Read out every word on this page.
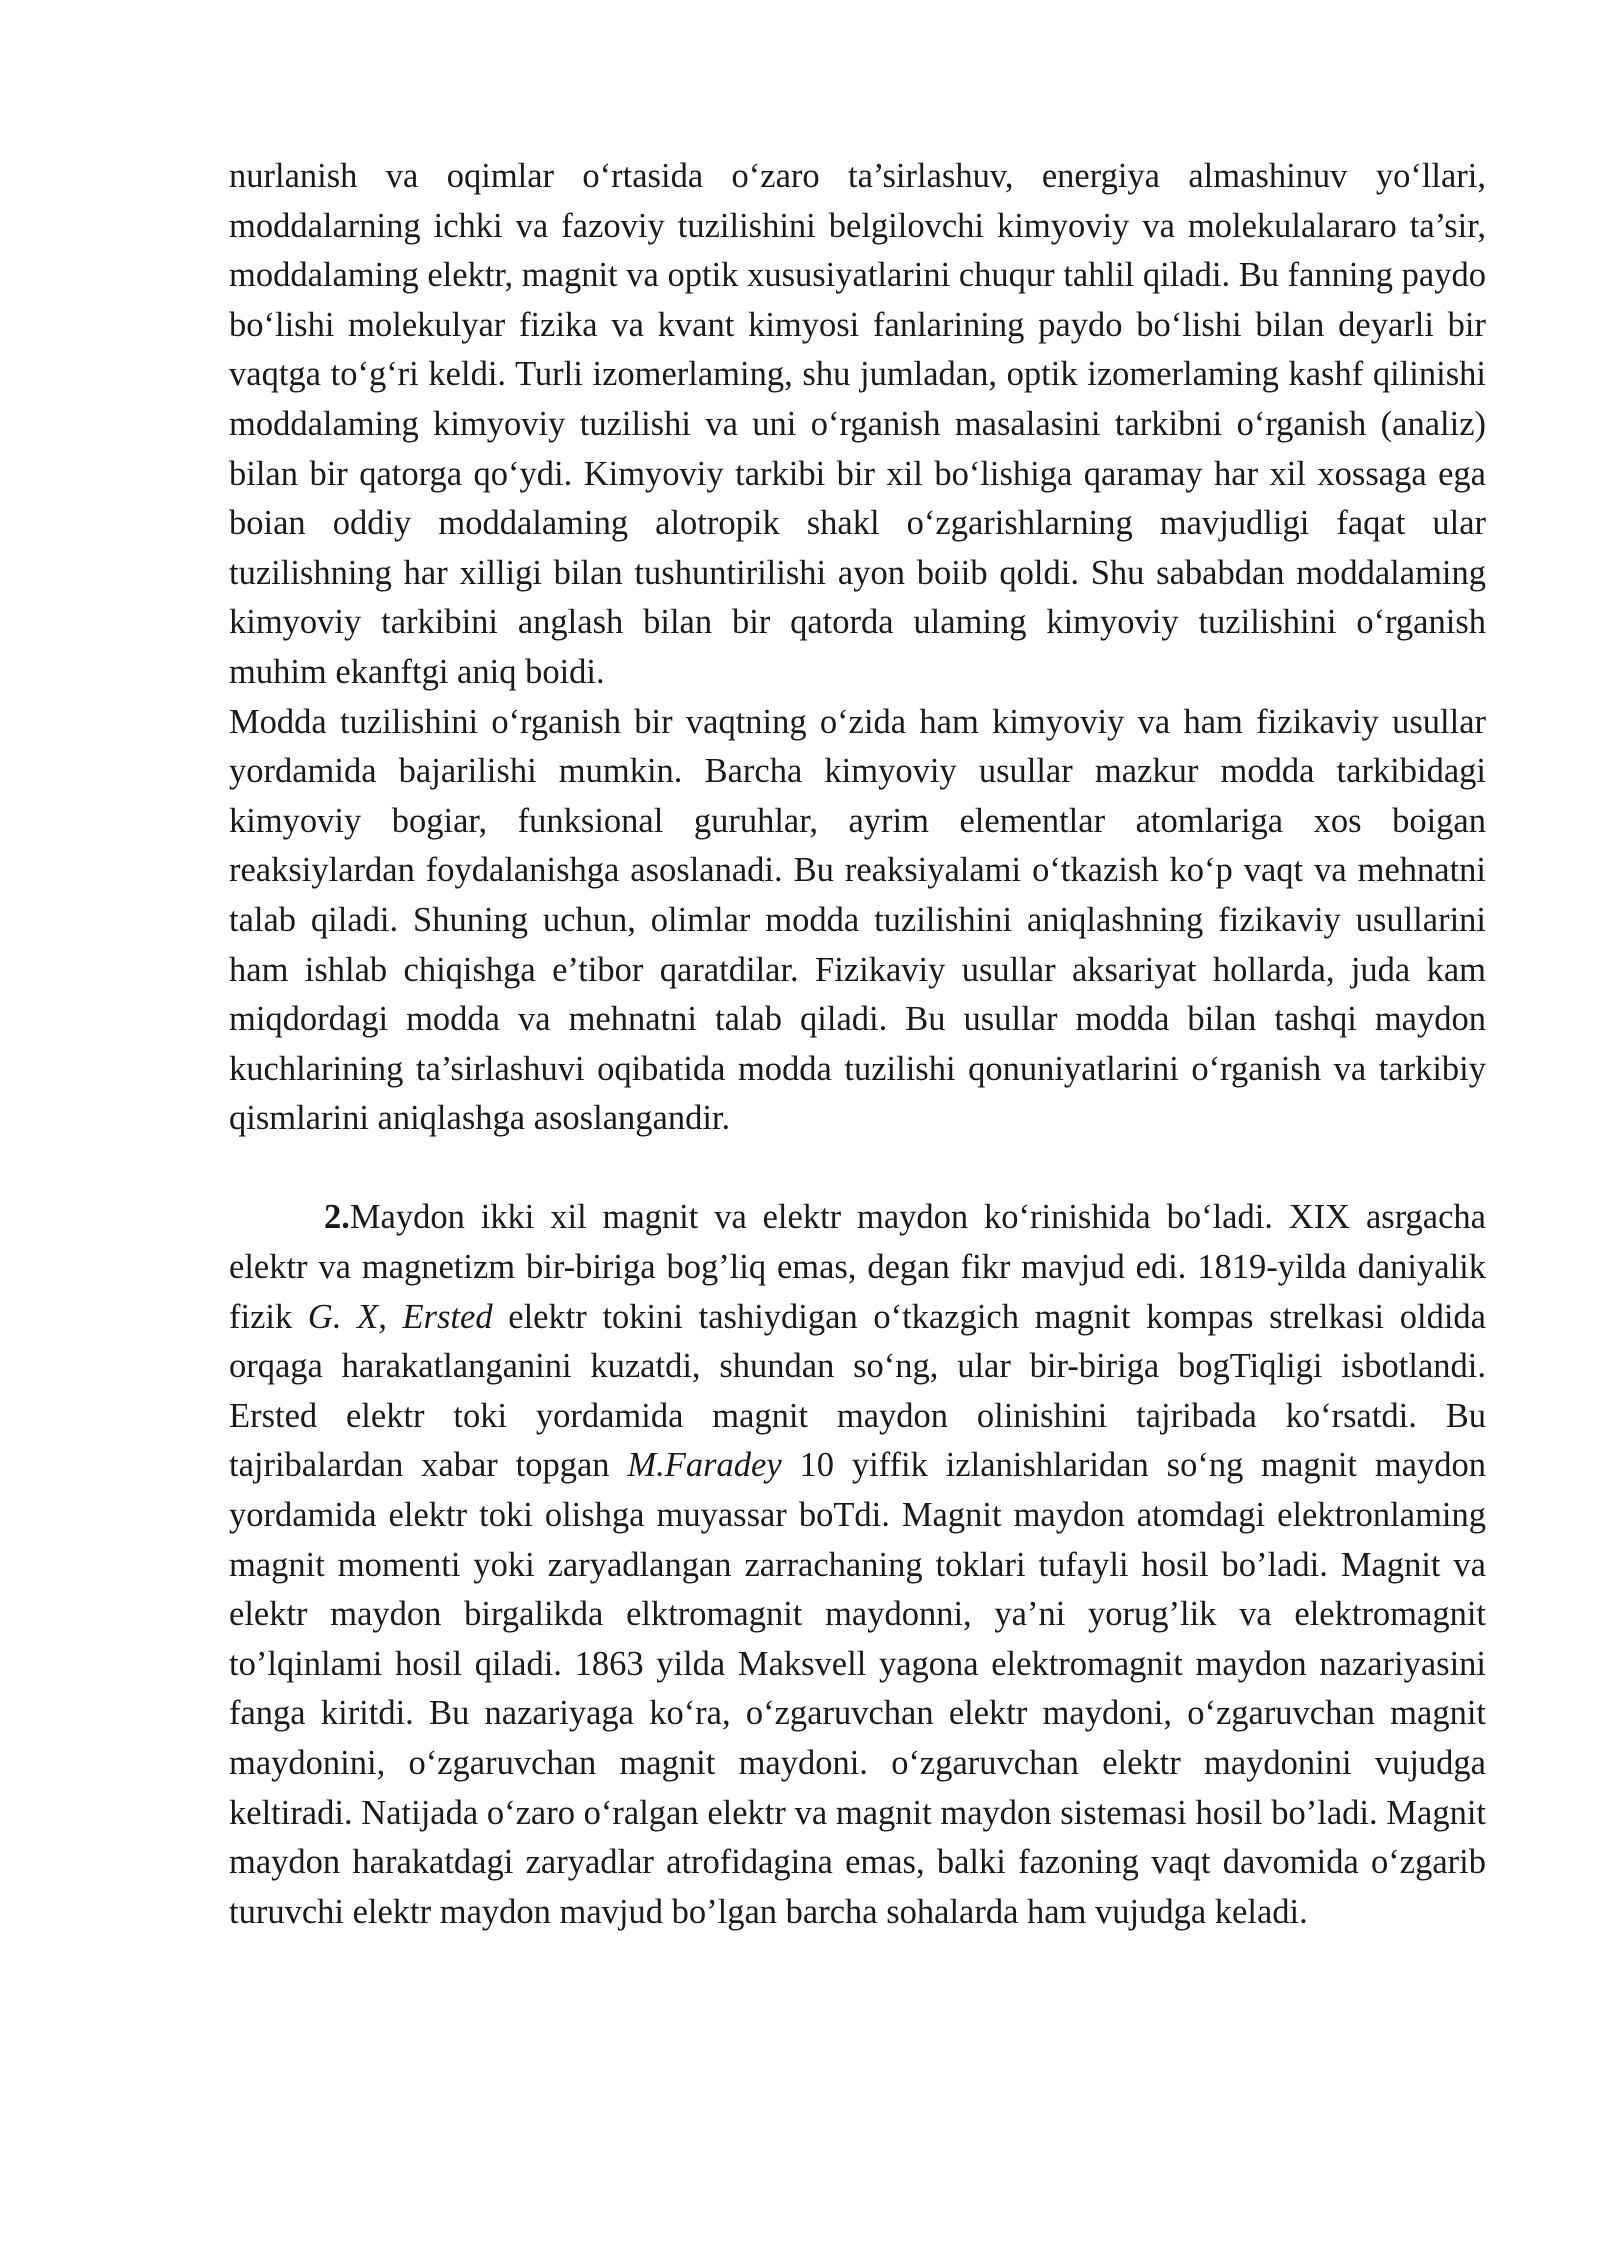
nurlanish va oqimlar o‘rtasida o‘zaro ta’sirlashuv, energiya almashinuv yo‘llari, moddalarning ichki va fazoviy tuzilishini belgilovchi kimyoviy va molekulalararo ta’sir, moddalaming elektr, magnit va optik xususiyatlarini chuqur tahlil qiladi. Bu fanning paydo bo‘lishi molekulyar fizika va kvant kimyosi fanlarining paydo bo‘lishi bilan deyarli bir vaqtga to‘g‘ri keldi. Turli izomerlaming, shu jumladan, optik izomerlaming kashf qilinishi moddalaming kimyoviy tuzilishi va uni o‘rganish masalasini tarkibni o‘rganish (analiz) bilan bir qatorga qo‘ydi. Kimyoviy tarkibi bir xil bo‘lishiga qaramay har xil xossaga ega boian oddiy moddalaming alotropik shakl o‘zgarishlarning mavjudligi faqat ular tuzilishning har xilligi bilan tushuntirilishi ayon boiib qoldi. Shu sababdan moddalaming kimyoviy tarkibini anglash bilan bir qatorda ulaming kimyoviy tuzilishini o‘rganish muhim ekanftgi aniq boidi.

Modda tuzilishini o‘rganish bir vaqtning o‘zida ham kimyoviy va ham fizikaviy usullar yordamida bajarilishi mumkin. Barcha kimyoviy usullar mazkur modda tarkibidagi kimyoviy bogiar, funksional guruhlar, ayrim elementlar atomlariga xos boigan reaksiylardan foydalanishga asoslanadi. Bu reaksiyalami o‘tkazish ko‘p vaqt va mehnatni talab qiladi. Shuning uchun, olimlar modda tuzilishini aniqlashning fizikaviy usullarini ham ishlab chiqishga e’tibor qaratdilar. Fizikaviy usullar aksariyat hollarda, juda kam miqdordagi modda va mehnatni talab qiladi. Bu usullar modda bilan tashqi maydon kuchlarining ta’sirlashuvi oqibatida modda tuzilishi qonuniyatlarini o‘rganish va tarkibiy qismlarini aniqlashga asoslangandir.

2.Maydon ikki xil magnit va elektr maydon ko‘rinishida bo‘ladi. XIX asrgacha elektr va magnetizm bir-biriga bog’liq emas, degan fikr mavjud edi. 1819-yilda daniyalik fizik G. X, Ersted elektr tokini tashiydigan o‘tkazgich magnit kompas strelkasi oldida orqaga harakatlanganini kuzatdi, shundan so‘ng, ular bir-biriga bogTiqligi isbotlandi. Ersted elektr toki yordamida magnit maydon olinishini tajribada ko‘rsatdi. Bu tajribalardan xabar topgan M.Faradey 10 yiffik izlanishlaridan so‘ng magnit maydon yordamida elektr toki olishga muyassar boTdi. Magnit maydon atomdagi elektronlaming magnit momenti yoki zaryadlangan zarrachaning toklari tufayli hosil bo’ladi. Magnit va elektr maydon birgalikda elktromagnit maydonni, ya’ni yorug’lik va elektromagnit to’lqinlami hosil qiladi. 1863 yilda Maksvell yagona elektromagnit maydon nazariyasini fanga kiritdi. Bu nazariyaga ko‘ra, o‘zgaruvchan elektr maydoni, o‘zgaruvchan magnit maydonini, o‘zgaruvchan magnit maydoni. o‘zgaruvchan elektr maydonini vujudga keltiradi. Natijada o‘zaro o‘ralgan elektr va magnit maydon sistemasi hosil bo’ladi. Magnit maydon harakatdagi zaryadlar atrofidagina emas, balki fazoning vaqt davomida o‘zgarib turuvchi elektr maydon mavjud bo’lgan barcha sohalarda ham vujudga keladi.
